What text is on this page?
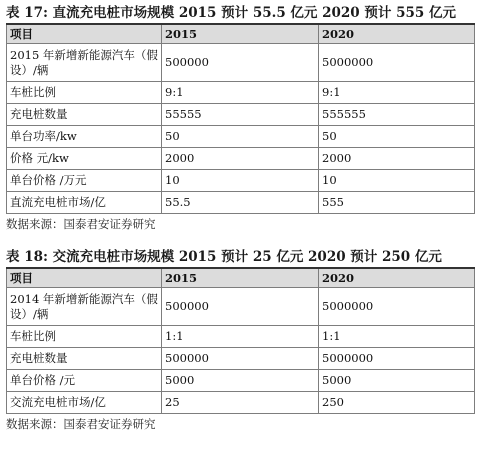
表 17: 直流充电桩市场规模 2015 预计 55.5 亿元 2020 预计 555 亿元
项目	2015	2020
2015 年新增新能源汽车（假设）/辆	500000	5000000
车桩比例	9:1	9:1
充电桩数量	55555	555555
单台功率/kw	50	50
价格 元/kw	2000	2000
单台价格 /万元	10	10
直流充电桩市场/亿	55.5	555
数据来源：国泰君安证券研究
表 18: 交流充电桩市场规模 2015 预计 25 亿元 2020 预计 250 亿元
项目	2015	2020
2014 年新增新能源汽车（假设）/辆	500000	5000000
车桩比例	1:1	1:1
充电桩数量	500000	5000000
单台价格 /元	5000	5000
交流充电桩市场/亿	25	250
数据来源：国泰君安证券研究
